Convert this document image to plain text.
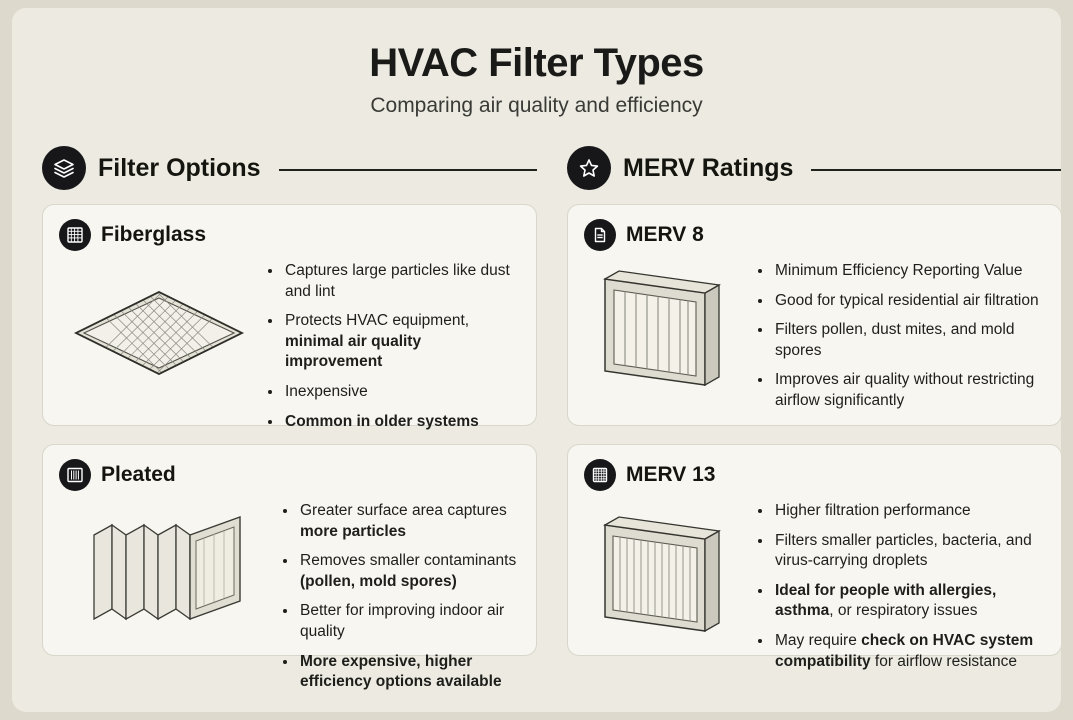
HVAC Filter Types
Comparing air quality and efficiency
Filter Options
Fiberglass
• Captures large particles like dust and lint
• Protects HVAC equipment, minimal air quality improvement
• Inexpensive
• Common in older systems
Pleated
• Greater surface area captures more particles
• Removes smaller contaminants (pollen, mold spores)
• Better for improving indoor air quality
• More expensive, higher efficiency options available
MERV Ratings
MERV 8
• Minimum Efficiency Reporting Value
• Good for typical residential air filtration
• Filters pollen, dust mites, and mold spores
• Improves air quality without restricting airflow significantly
MERV 13
• Higher filtration performance
• Filters smaller particles, bacteria, and virus-carrying droplets
• Ideal for people with allergies, asthma, or respiratory issues
• May require check on HVAC system compatibility for airflow resistance
